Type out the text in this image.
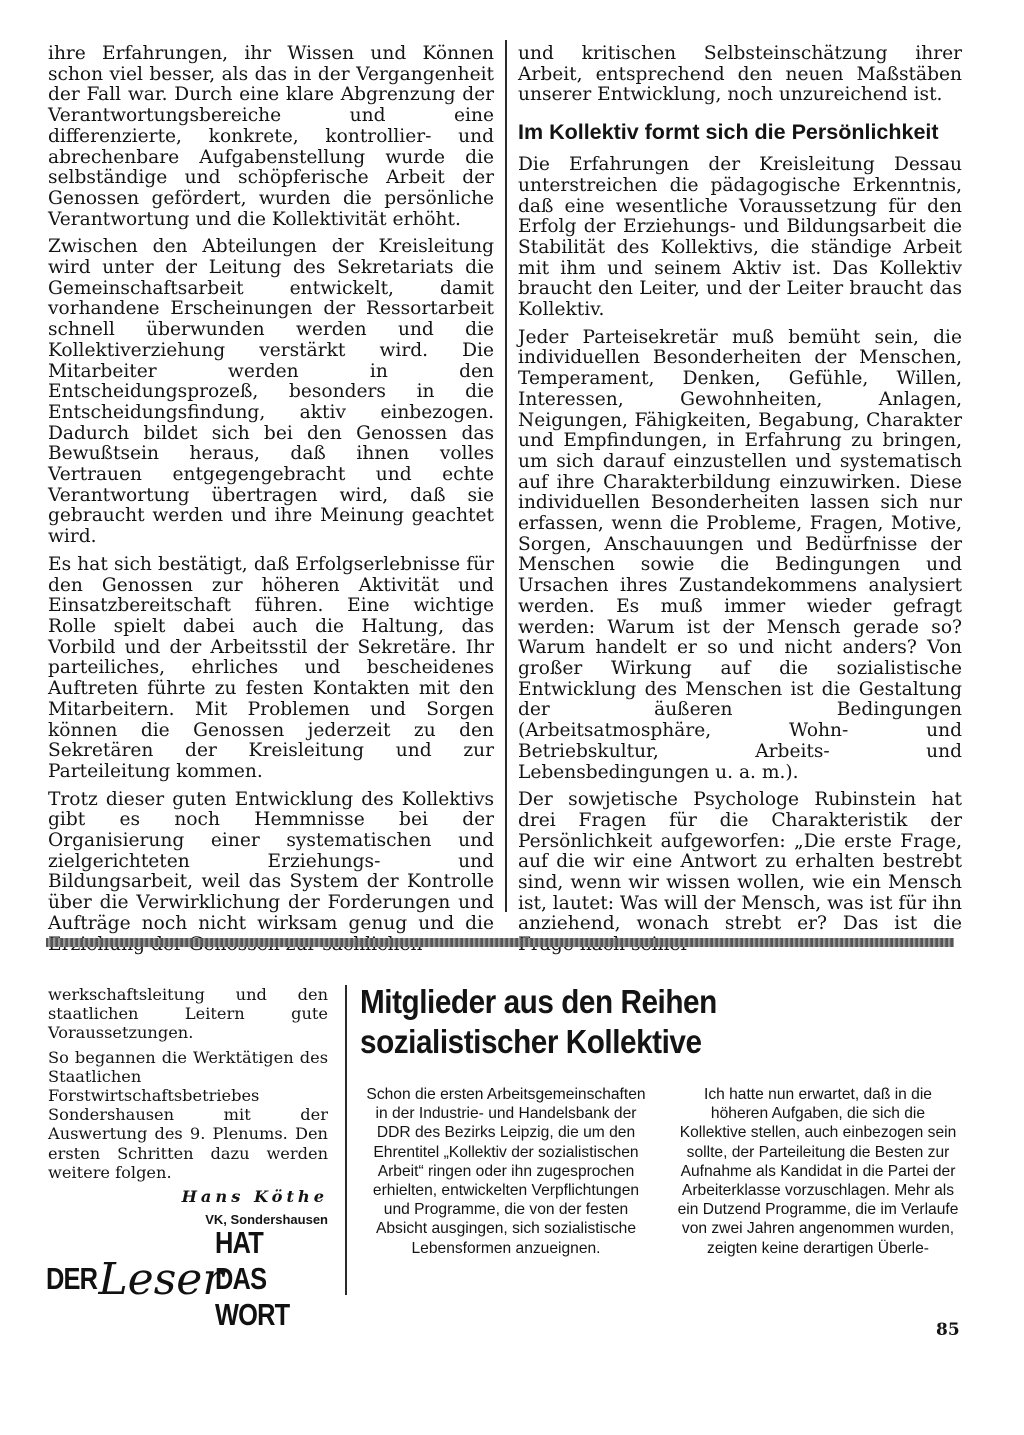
ihre Erfahrungen, ihr Wissen und Können schon viel besser, als das in der Vergangenheit der Fall war. Durch eine klare Abgrenzung der Verantwortungsbereiche und eine differenzierte, konkrete, kontrollier- und abrechenbare Aufgabenstellung wurde die selbständige und schöpferische Arbeit der Genossen gefördert, wurden die persönliche Verantwortung und die Kollektivität erhöht.

Zwischen den Abteilungen der Kreisleitung wird unter der Leitung des Sekretariats die Gemeinschaftsarbeit entwickelt, damit vorhandene Erscheinungen der Ressortarbeit schnell überwunden werden und die Kollektiverziehung verstärkt wird. Die Mitarbeiter werden in den Entscheidungsprozeß, besonders in die Entscheidungsfindung, aktiv einbezogen. Dadurch bildet sich bei den Genossen das Bewußtsein heraus, daß ihnen volles Vertrauen entgegengebracht und echte Verantwortung übertragen wird, daß sie gebraucht werden und ihre Meinung geachtet wird.

Es hat sich bestätigt, daß Erfolgserlebnisse für den Genossen zur höheren Aktivität und Einsatzbereitschaft führen. Eine wichtige Rolle spielt dabei auch die Haltung, das Vorbild und der Arbeitsstil der Sekretäre. Ihr parteiliches, ehrliches und bescheidenes Auftreten führte zu festen Kontakten mit den Mitarbeitern. Mit Problemen und Sorgen können die Genossen jederzeit zu den Sekretären der Kreisleitung und zur Parteileitung kommen.

Trotz dieser guten Entwicklung des Kollektivs gibt es noch Hemmnisse bei der Organisierung einer systematischen und zielgerichteten Erziehungs- und Bildungsarbeit, weil das System der Kontrolle über die Verwirklichung der Forderungen und Aufträge noch nicht wirksam genug und die

und kritischen Selbsteinschätzung ihrer Arbeit, entsprechend den neuen Maßstäben unserer Entwicklung, noch unzureichend ist.

Im Kollektiv formt sich die Persönlichkeit

Die Erfahrungen der Kreisleitung Dessau unterstreichen die pädagogische Erkenntnis, daß eine wesentliche Voraussetzung für den Erfolg der Erziehungs- und Bildungsarbeit die Stabilität des Kollektivs, die ständige Arbeit mit ihm und seinem Aktiv ist. Das Kollektiv braucht den Leiter, und der Leiter braucht das Kollektiv.

Jeder Parteisekretär muß bemüht sein, die individuellen Besonderheiten der Menschen, Temperament, Denken, Gefühle, Willen, Interessen, Gewohnheiten, Anlagen, Neigungen, Fähigkeiten, Begabung, Charakter und Empfindungen, in Erfahrung zu bringen, um sich darauf einzustellen und systematisch auf ihre Charakterbildung einzuwirken. Diese individuellen Besonderheiten lassen sich nur erfassen, wenn die Probleme, Fragen, Motive, Sorgen, Anschauungen und Bedürfnisse der Menschen sowie die Bedingungen und Ursachen ihres Zustandekommens analysiert werden. Es muß immer wieder gefragt werden: Warum ist der Mensch gerade so? Warum handelt er so und nicht anders? Von großer Wirkung auf die sozialistische Entwicklung des Menschen ist die Gestaltung der äußeren Bedingungen (Arbeitsatmosphäre, Wohn- und Betriebskultur, Arbeits- und Lebensbedingungen u. a. m.).

Der sowjetische Psychologe Rubinstein hat drei Fragen für die Charakteristik der Persönlichkeit aufgeworfen: „Die erste Frage, auf die wir eine Antwort zu erhalten bestrebt sind, wenn wir wissen wollen, wie ein Mensch ist, lautet: Was will der Mensch, was ist für ihn anziehend, wonach strebt er? Das ist die

werkschaftsleitung und den staatlichen Leitern gute Voraussetzungen.

So begannen die Werktätigen des Staatlichen Forstwirtschaftsbetriebes Sondershausen mit der Auswertung des 9. Plenums. Den ersten Schritten dazu werden weitere folgen.

Hans Köthe
VK, Sondershausen
DER Leser
HAT DAS WORT
Mitglieder aus den Reihen
sozialistischer Kollektive

Schon die ersten Arbeitsgemeinschaften in der Industrie- und Handelsbank der DDR des Bezirks Leipzig, die um den Ehrentitel „Kollektiv der sozialistischen Arbeit“ ringen oder ihn zugesprochen erhielten, entwickelten Verpflichtungen und Programme, die von der festen Absicht ausgingen, sich sozialistische Lebensformen anzueignen.

Ich hatte nun erwartet, daß in die höheren Aufgaben, die sich die Kollektive stellen, auch einbezogen sein sollte, der Parteileitung die Besten zur Aufnahme als Kandidat in die Partei der Arbeiterklasse vorzuschlagen. Mehr als ein Dutzend Programme, die im Verlaufe von zwei Jahren angenommen wurden, zeigten keine derartigen Überle-

85
